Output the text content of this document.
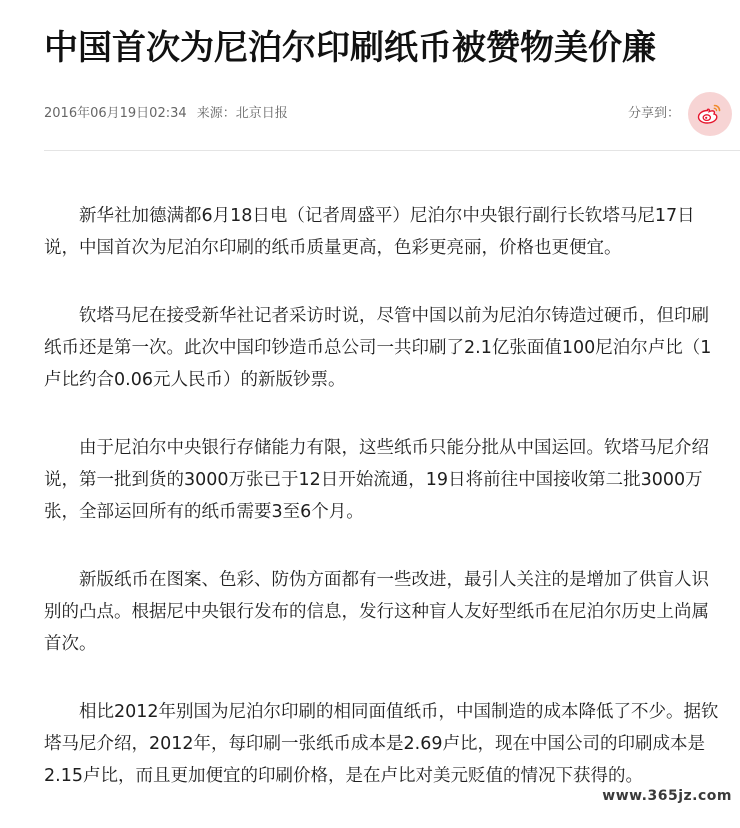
中国首次为尼泊尔印刷纸币被赞物美价廉
2016年06月19日02:34 来源：北京日报	分享到：

新华社加德满都6月18日电（记者周盛平）尼泊尔中央银行副行长钦塔马尼17日说，中国首次为尼泊尔印刷的纸币质量更高，色彩更亮丽，价格也更便宜。

钦塔马尼在接受新华社记者采访时说，尽管中国以前为尼泊尔铸造过硬币，但印刷纸币还是第一次。此次中国印钞造币总公司一共印刷了2.1亿张面值100尼泊尔卢比（1卢比约合0.06元人民币）的新版钞票。

由于尼泊尔中央银行存储能力有限，这些纸币只能分批从中国运回。钦塔马尼介绍说，第一批到货的3000万张已于12日开始流通，19日将前往中国接收第二批3000万张，全部运回所有的纸币需要3至6个月。

新版纸币在图案、色彩、防伪方面都有一些改进，最引人关注的是增加了供盲人识别的凸点。根据尼中央银行发布的信息，发行这种盲人友好型纸币在尼泊尔历史上尚属首次。

相比2012年别国为尼泊尔印刷的相同面值纸币，中国制造的成本降低了不少。据钦塔马尼介绍，2012年，每印刷一张纸币成本是2.69卢比，现在中国公司的印刷成本是2.15卢比，而且更加便宜的印刷价格，是在卢比对美元贬值的情况下获得的。

www.365jz.com
